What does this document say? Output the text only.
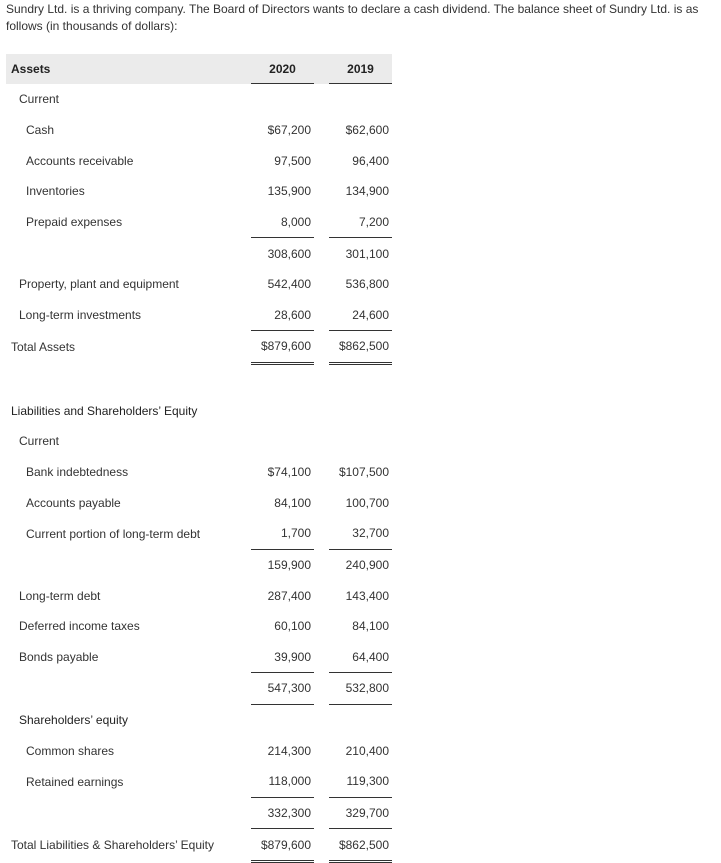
Sundry Ltd. is a thriving company. The Board of Directors wants to declare a cash dividend. The balance sheet of Sundry Ltd. is as follows (in thousands of dollars):
Assets		2020		2019
Current				
Cash		$67,200		$62,600
Accounts receivable		97,500		96,400
Inventories		135,900		134,900
Prepaid expenses		8,000		7,200
		308,600		301,100
Property, plant and equipment		542,400		536,800
Long-term investments		28,600		24,600
Total Assets		$879,600		$862,500

Liabilities and Shareholders’ Equity				
Current				
Bank indebtedness		$74,100		$107,500
Accounts payable		84,100		100,700
Current portion of long-term debt		1,700		32,700
		159,900		240,900
Long-term debt		287,400		143,400
Deferred income taxes		60,100		84,100
Bonds payable		39,900		64,400
		547,300		532,800
Shareholders’ equity				
Common shares		214,300		210,400
Retained earnings		118,000		119,300
		332,300		329,700
Total Liabilities & Shareholders’ Equity		$879,600		$862,500
